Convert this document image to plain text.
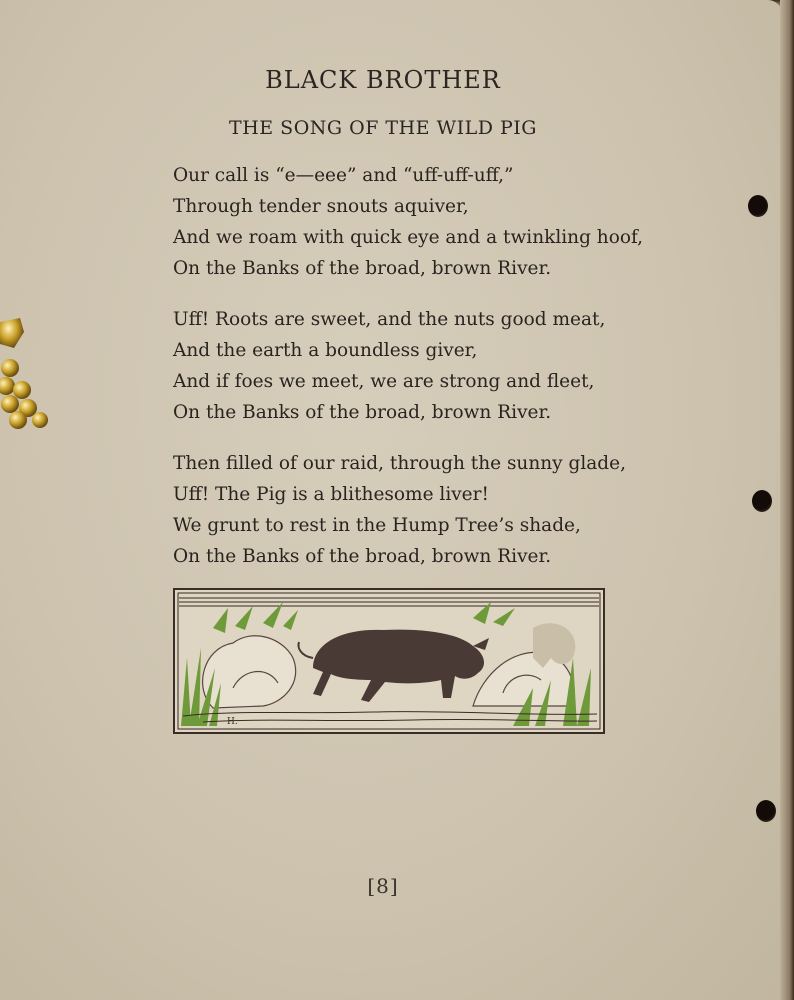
BLACK BROTHER
THE SONG OF THE WILD PIG
Our call is “e—eee” and “uff-uff-uff,”
Through tender snouts aquiver,
And we roam with quick eye and a twinkling hoof,
On the Banks of the broad, brown River.
Uff! Roots are sweet, and the nuts good meat,
And the earth a boundless giver,
And if foes we meet, we are strong and fleet,
On the Banks of the broad, brown River.
Then filled of our raid, through the sunny glade,
Uff! The Pig is a blithesome liver!
We grunt to rest in the Hump Tree’s shade,
On the Banks of the broad, brown River.
H.
[8]
